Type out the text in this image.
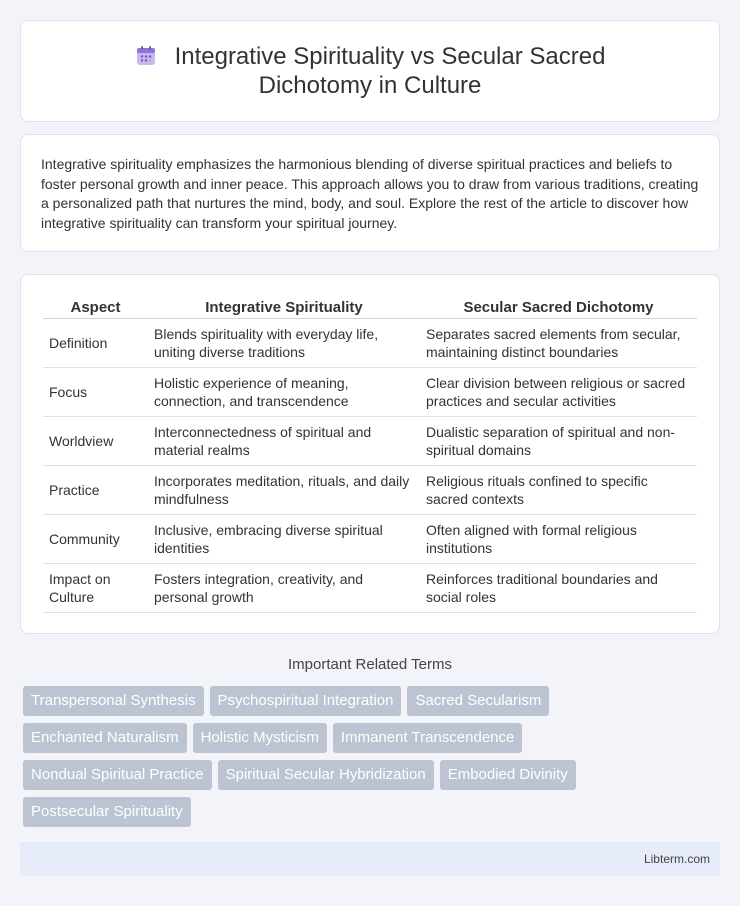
Integrative Spirituality vs Secular Sacred Dichotomy in Culture

Integrative spirituality emphasizes the harmonious blending of diverse spiritual practices and beliefs to foster personal growth and inner peace. This approach allows you to draw from various traditions, creating a personalized path that nurtures the mind, body, and soul. Explore the rest of the article to discover how integrative spirituality can transform your spiritual journey.

Aspect	Integrative Spirituality	Secular Sacred Dichotomy
Definition	Blends spirituality with everyday life, uniting diverse traditions	Separates sacred elements from secular, maintaining distinct boundaries
Focus	Holistic experience of meaning, connection, and transcendence	Clear division between religious or sacred practices and secular activities
Worldview	Interconnectedness of spiritual and material realms	Dualistic separation of spiritual and non-spiritual domains
Practice	Incorporates meditation, rituals, and daily mindfulness	Religious rituals confined to specific sacred contexts
Community	Inclusive, embracing diverse spiritual identities	Often aligned with formal religious institutions
Impact on Culture	Fosters integration, creativity, and personal growth	Reinforces traditional boundaries and social roles
Important Related Terms
Transpersonal Synthesis	Psychospiritual Integration	Sacred Secularism
Enchanted Naturalism	Holistic Mysticism	Immanent Transcendence
Nondual Spiritual Practice	Spiritual Secular Hybridization	Embodied Divinity
Postsecular Spirituality
Libterm.com
